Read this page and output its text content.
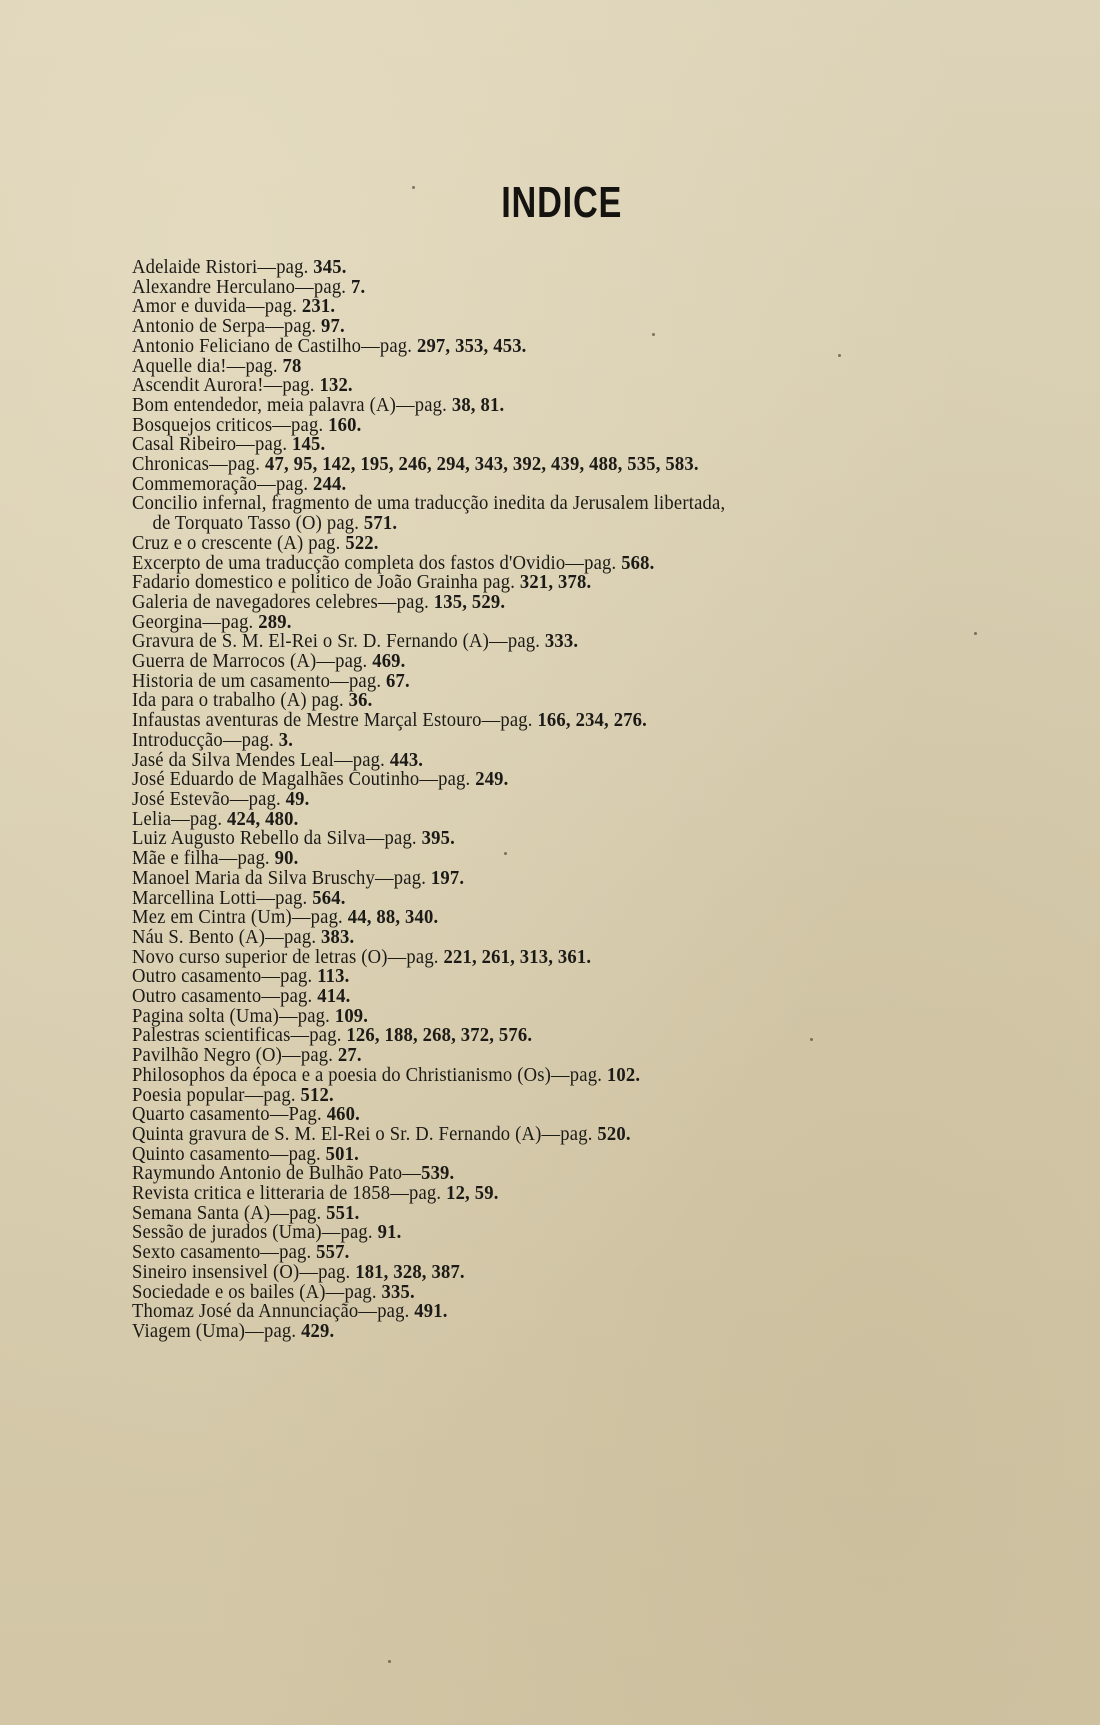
INDICE
Adelaide Ristori—pag. 345.
Alexandre Herculano—pag. 7.
Amor e duvida—pag. 231.
Antonio de Serpa—pag. 97.
Antonio Feliciano de Castilho—pag. 297, 353, 453.
Aquelle dia!—pag. 78
Ascendit Aurora!—pag. 132.
Bom entendedor, meia palavra (A)—pag. 38, 81.
Bosquejos criticos—pag. 160.
Casal Ribeiro—pag. 145.
Chronicas—pag. 47, 95, 142, 195, 246, 294, 343, 392, 439, 488, 535, 583.
Commemoração—pag. 244.
Concilio infernal, fragmento de uma traducção inedita da Jerusalem libertada,
de Torquato Tasso (O) pag. 571.
Cruz e o crescente (A) pag. 522.
Excerpto de uma traducção completa dos fastos d'Ovidio—pag. 568.
Fadario domestico e politico de João Grainha pag. 321, 378.
Galeria de navegadores celebres—pag. 135, 529.
Georgina—pag. 289.
Gravura de S. M. El-Rei o Sr. D. Fernando (A)—pag. 333.
Guerra de Marrocos (A)—pag. 469.
Historia de um casamento—pag. 67.
Ida para o trabalho (A) pag. 36.
Infaustas aventuras de Mestre Marçal Estouro—pag. 166, 234, 276.
Introducção—pag. 3.
Jasé da Silva Mendes Leal—pag. 443.
José Eduardo de Magalhães Coutinho—pag. 249.
José Estevão—pag. 49.
Lelia—pag. 424, 480.
Luiz Augusto Rebello da Silva—pag. 395.
Mãe e filha—pag. 90.
Manoel Maria da Silva Bruschy—pag. 197.
Marcellina Lotti—pag. 564.
Mez em Cintra (Um)—pag. 44, 88, 340.
Náu S. Bento (A)—pag. 383.
Novo curso superior de letras (O)—pag. 221, 261, 313, 361.
Outro casamento—pag. 113.
Outro casamento—pag. 414.
Pagina solta (Uma)—pag. 109.
Palestras scientificas—pag. 126, 188, 268, 372, 576.
Pavilhão Negro (O)—pag. 27.
Philosophos da época e a poesia do Christianismo (Os)—pag. 102.
Poesia popular—pag. 512.
Quarto casamento—Pag. 460.
Quinta gravura de S. M. El-Rei o Sr. D. Fernando (A)—pag. 520.
Quinto casamento—pag. 501.
Raymundo Antonio de Bulhão Pato—539.
Revista critica e litteraria de 1858—pag. 12, 59.
Semana Santa (A)—pag. 551.
Sessão de jurados (Uma)—pag. 91.
Sexto casamento—pag. 557.
Sineiro insensivel (O)—pag. 181, 328, 387.
Sociedade e os bailes (A)—pag. 335.
Thomaz José da Annunciação—pag. 491.
Viagem (Uma)—pag. 429.
